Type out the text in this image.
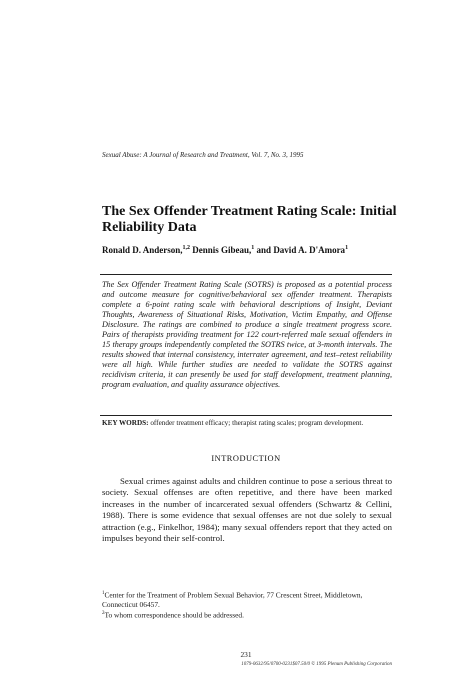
Sexual Abuse: A Journal of Research and Treatment, Vol. 7, No. 3, 1995
The Sex Offender Treatment Rating Scale: Initial Reliability Data
Ronald D. Anderson,$^{1,2}$ Dennis Gibeau,$^1$ and David A. D'Amora$^1$
The Sex Offender Treatment Rating Scale (SOTRS) is proposed as a potential process and outcome measure for cognitive/behavioral sex offender treatment. Therapists complete a 6-point rating scale with behavioral descriptions of Insight, Deviant Thoughts, Awareness of Situational Risks, Motivation, Victim Empathy, and Offense Disclosure. The ratings are combined to produce a single treatment progress score. Pairs of therapists providing treatment for 122 court-referred male sexual offenders in 15 therapy groups independently completed the SOTRS twice, at 3-month intervals. The results showed that internal consistency, interrater agreement, and test–retest reliability were all high. While further studies are needed to validate the SOTRS against recidivism criteria, it can presently be used for staff development, treatment planning, program evaluation, and quality assurance objectives.
KEY WORDS: offender treatment efficacy; therapist rating scales; program development.
INTRODUCTION
Sexual crimes against adults and children continue to pose a serious threat to society. Sexual offenses are often repetitive, and there have been marked increases in the number of incarcerated sexual offenders (Schwartz & Cellini, 1988). There is some evidence that sexual offenses are not due solely to sexual attraction (e.g., Finkelhor, 1984); many sexual offenders report that they acted on impulses beyond their self-control.

$^1$Center for the Treatment of Problem Sexual Behavior, 77 Crescent Street, Middletown, Connecticut 06457.

$^2$To whom correspondence should be addressed.

231
1079-0632/95/0700-0231$07.50/0 © 1995 Plenum Publishing Corporation
